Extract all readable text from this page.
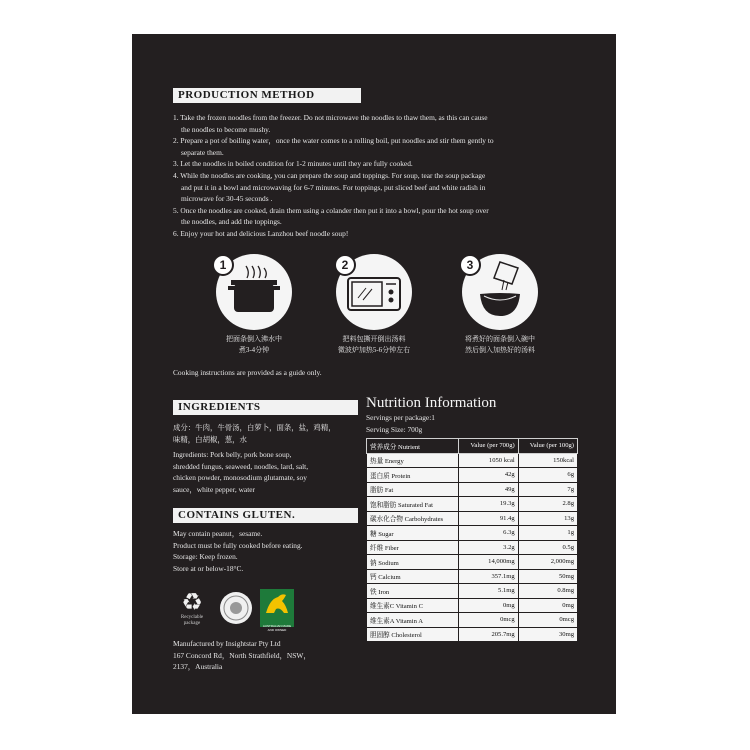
PRODUCTION METHOD

1. Take the frozen noodles from the freezer. Do not microwave the noodles to thaw them, as this can cause

the noodles to become mushy.

2. Prepare a pot of boiling water，once the water comes to a rolling boil, put noodles and stir them gently to

separate them.

3. Let the noodles in boiled condition for 1-2 minutes until they are fully cooked.

4. While the noodles are cooking, you can prepare the soup and toppings. For soup, tear the soup package

and put it in a bowl and microwaving for 6-7 minutes. For toppings, put sliced beef and white radish in

microwave for 30-45 seconds .

5. Once the noodles are cooked, drain them using a colander then put it into a bowl, pour the hot soup over

the noodles, and add the toppings.

6. Enjoy your hot and delicious Lanzhou beef noodle soup!

1	2	3
把面条倒入沸水中
煮3-4分钟
把料包撕开倒出汤料
微波炉加热5-6分钟左右
将煮好的面条倒入碗中
然后倒入加热好的汤料
Cooking instructions are provided as a guide only.
INGREDIENTS
成分：牛肉，牛骨汤，白萝卜，面条，盐，鸡精，
味精，白胡椒，葱，水
Ingredients: Pork belly, pork bone soup,
shredded fungus, seaweed, noodles, lard, salt,
chicken powder, monosodium glutamate, soy
sauce，white pepper, water
CONTAINS GLUTEN.
May contain peanut，sesame.
Product must be fully cooked before eating.
Storage: Keep frozen.
Store at or below-18°C.
♻
Recyclable
package	AUSTRALIAN MADE AND OWNED
Manufactured by Insightstar Pty Ltd
167 Concord Rd，North Strathfield，NSW，
2137，Australia
Nutrition Information
Servings per package:1
Serving Size: 700g
营养成分 Nutrient	Value (per 700g)	Value (per 100g)
热量 Energy	1050 kcal	150kcal
蛋白质 Protein	42g	6g
脂肪 Fat	49g	7g
饱和脂肪 Saturated Fat	19.3g	2.8g
碳水化合物 Carbohydrates	91.4g	13g
糖 Sugar	6.3g	1g
纤维 Fiber	3.2g	0.5g
钠 Sodium	14,000mg	2,000mg
钙 Calcium	357.1mg	50mg
铁 Iron	5.1mg	0.8mg
维生素C Vitamin C	0mg	0mg
维生素A Vitamin A	0mcg	0mcg
胆固醇 Cholesterol	205.7mg	30mg
